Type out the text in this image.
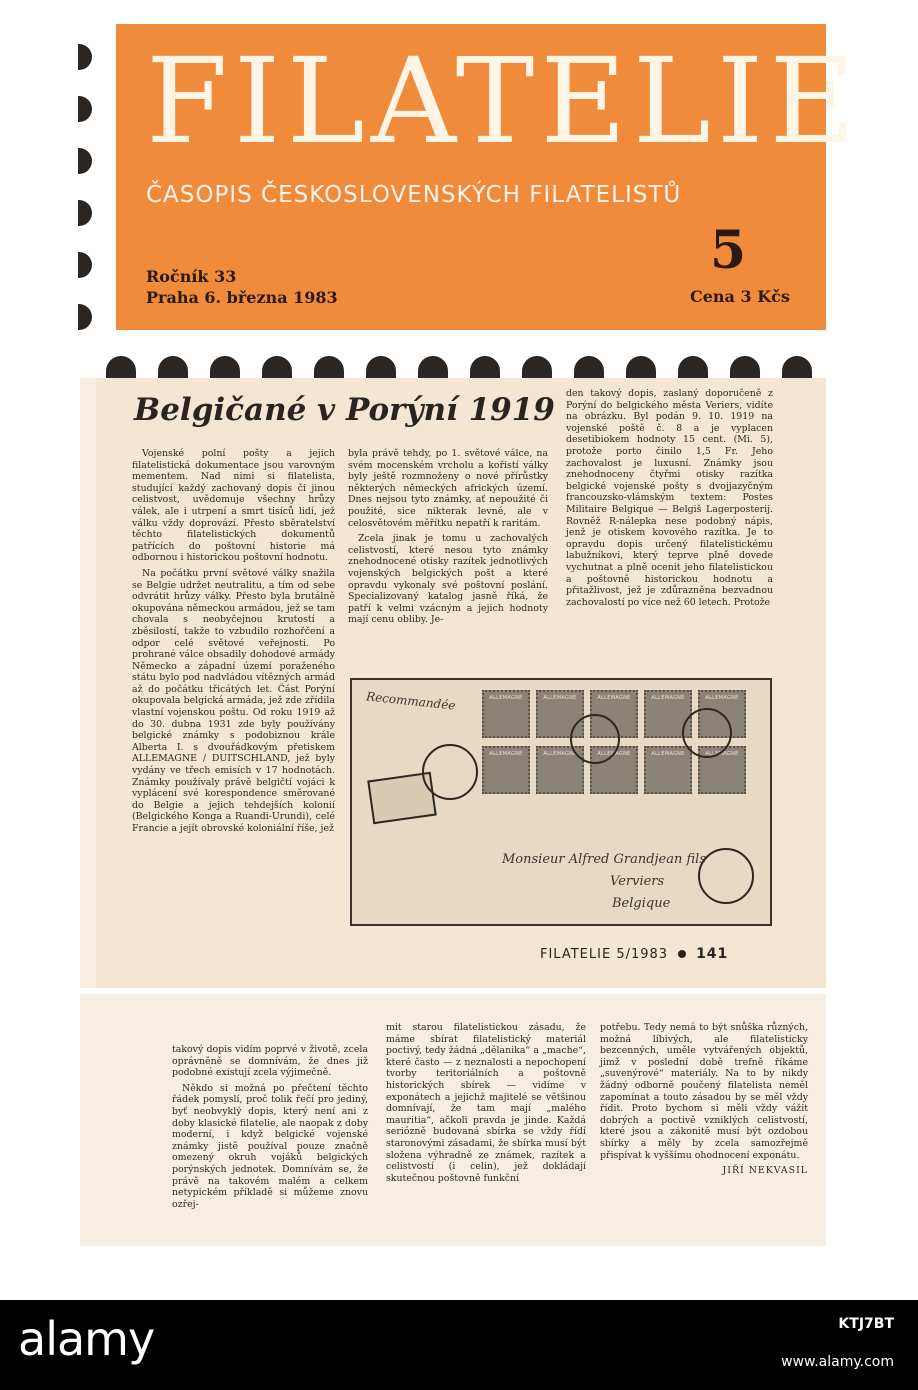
FILATELIE
ČASOPIS ČESKOSLOVENSKÝCH FILATELISTŮ
5
Ročník 33
Praha 6. března 1983	Cena 3 Kčs
Belgičané v Porýní 1919

Vojenské polní pošty a jejich filatelistická dokumentace jsou varovným mementem. Nad nimi si filatelista, studující každý zachovaný dopis či jinou celistvost, uvědomuje všechny hrůzy válek, ale i utrpení a smrt tisíců lidí, jež válku vždy doprovází. Přesto sběratelství těchto filatelistických dokumentů patřících do poštovní historie má odbornou i historickou poštovní hodnotu.

Na počátku první světové války snažila se Belgie udržet neutralitu, a tím od sebe odvrátit hrůzy války. Přesto byla brutálně okupována německou armádou, jež se tam chovala s neobyčejnou krutostí a zběsilostí, takže to vzbudilo rozhořčení a odpor celé světové veřejnosti. Po prohrané válce obsadily dohodové armády Německo a západní území poraženého státu bylo pod nadvládou vítězných armád až do počátku třicátých let. Část Porýní okupovala belgická armáda, jež zde zřídila vlastní vojenskou poštu. Od roku 1919 až do 30. dubna 1931 zde byly používány belgické známky s podobiznou krále Alberta I. s dvouřádkovým přetiskem ALLEMAGNE / DUITSCHLAND, jež byly vydány ve třech emisích v 17 hodnotách. Známky používaly právě belgičtí vojáci k vyplácení své korespondence směrované do Belgie a jejich tehdejších kolonií (Belgického Konga a Ruandi-Urundi), celé Francie a jejít obrovské koloniální říše, jež

byla právě tehdy, po 1. světové válce, na svém mocenském vrcholu a kořistí války byly ještě rozmnoženy o nové přírůstky některých německých afrických území. Dnes nejsou tyto známky, ať nepoužité či použité, sice nikterak levné, ale v celosvětovém měřítku nepatří k raritám.

Zcela jinak je tomu u zachovalých celistvostí, které nesou tyto známky znehodnocené otisky razítek jednotlivých vojenských belgických pošt a které opravdu vykonaly své poštovní poslání. Specializovaný katalog jasně říká, že patří k velmi vzácným a jejich hodnoty mají cenu obliby. Je-

den takový dopis, zaslaný doporučeně z Porýní do belgického města Veriers, vidíte na obrázku. Byl podán 9. 10. 1919 na vojenské poště č. 8 a je vyplacen desetibiokem hodnoty 15 cent. (Mi. 5), protože porto činilo 1,5 Fr. Jeho zachovalost je luxusní. Známky jsou znehodnoceny čtyřmi otisky razítka belgické vojenské pošty s dvojjazyčným francouzsko-vlámským textem: Postes Militaire Belgique — Belgiš Lagerposterij. Rovněž R-nálepka nese podobný nápis, jenž je otiskem kovového razítka. Je to opravdu dopis určený filatelistickému labužníkovi, který teprve plně dovede vychutnat a plně ocenit jeho filatelistickou a poštovně historickou hodnotu a přitažlivost, jež je zdůrazněna bezvadnou zachovalostí po více než 60 letech. Protože

Recommandée	ALLEMAGNE	ALLEMAGNE	ALLEMAGNE	ALLEMAGNE	ALLEMAGNE
ALLEMAGNE	ALLEMAGNE	ALLEMAGNE	ALLEMAGNE	ALLEMAGNE
Monsieur Alfred Grandjean fils
Verviers
Belgique
FILATELIE 5/1983 141

takový dopis vidím poprvé v životě, zcela oprávněně se domnívám, že dnes již podobné existují zcela výjimečně.

Někdo si možná po přečtení těchto řádek pomyslí, proč tolik řečí pro jediný, byť neobvyklý dopis, který není ani z doby klasické filatelie, ale naopak z doby moderní, i když belgické vojenské známky jistě používal pouze značně omezený okruh vojáků belgických porýnských jednotek. Domnívám se, že právě na takovém malém a celkem netypickém příkladě si můžeme znovu ozřej-

mit starou filatelistickou zásadu, že máme sbírat filatelistický materiál poctivý, tedy žádná „dělanika“ a „mache“, které často — z neznalosti a nepochopení tvorby teritoriálních a poštovně historických sbírek — vidíme v exponátech a jejichž majitelé se většinou domnívají, že tam mají „malého mauritia“, ačkoli pravda je jinde. Každá seriózně budovaná sbírka se vždy řídí staronovými zásadami, že sbírka musí být složena výhradně ze známek, razítek a celistvostí (i celin), jež dokládají skutečnou poštovně funkční

potřebu. Tedy nemá to být snůška různých, možná líbivých, ale filatelisticky bezcenných, uměle vytvářených objektů, jimž v poslední době trefně říkáme „suvenýrové“ materiály. Na to by nikdy žádný odborně poučený filatelista neměl zapomínat a touto zásadou by se měl vždy řídit. Proto bychom si měli vždy vážit dobrých a poctivě vzniklých celistvostí, které jsou a zákonitě musí být ozdobou sbírky a měly by zcela samozřejmě přispívat k vyššímu ohodnocení exponátu.

JIŘÍ NEKVASIL
alamy	KTJ7BT
www.alamy.com
